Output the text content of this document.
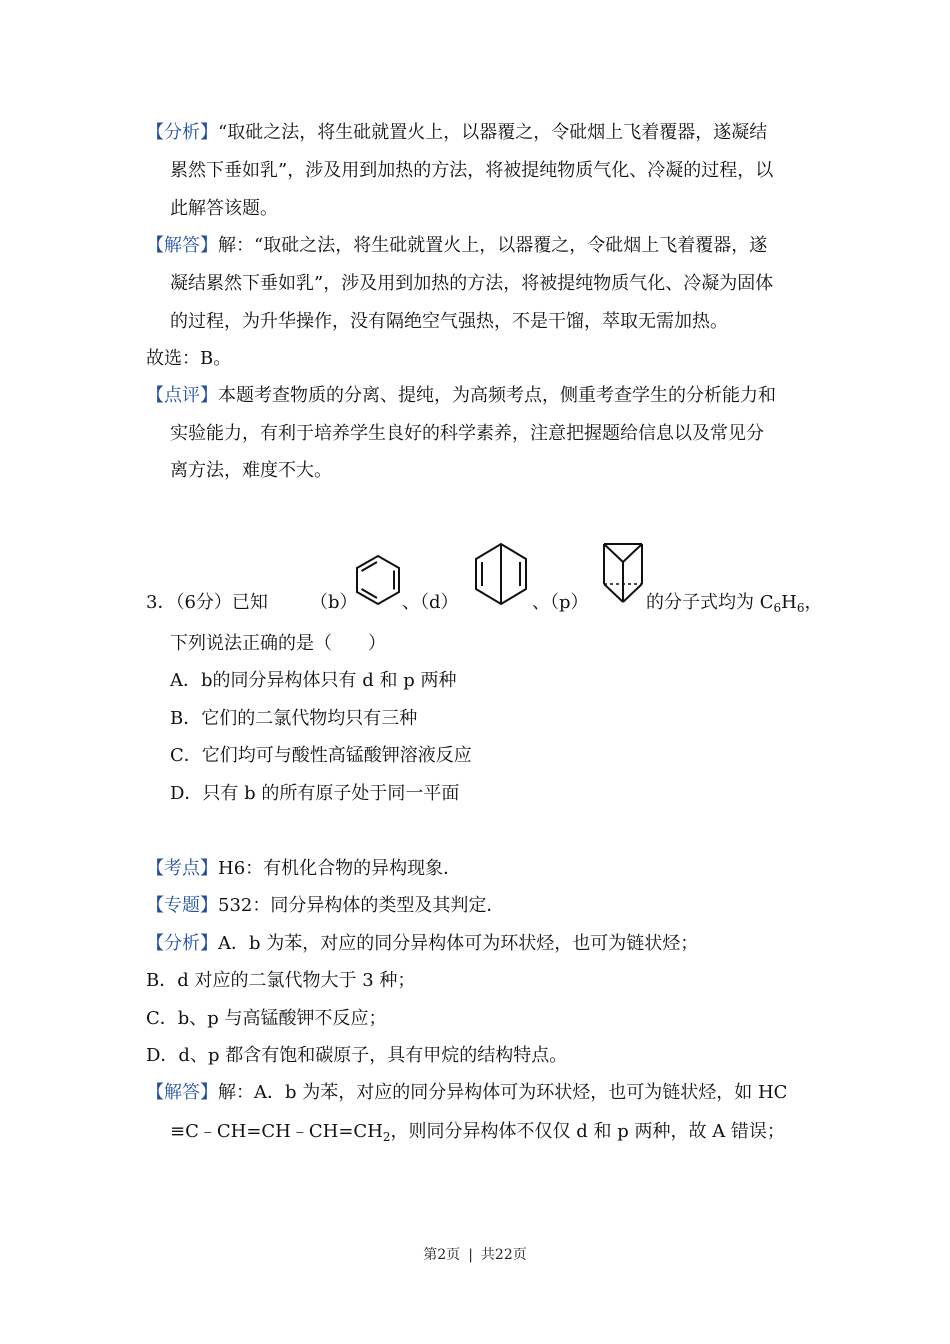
【分析】“取砒之法，将生砒就置火上，以器覆之，令砒烟上飞着覆器，遂凝结
累然下垂如乳”，涉及用到加热的方法，将被提纯物质气化、冷凝的过程，以
此解答该题。
【解答】解：“取砒之法，将生砒就置火上，以器覆之，令砒烟上飞着覆器，遂
凝结累然下垂如乳”，涉及用到加热的方法，将被提纯物质气化、冷凝为固体
的过程，为升华操作，没有隔绝空气强热，不是干馏，萃取无需加热。
故选：B。
【点评】本题考查物质的分离、提纯，为高频考点，侧重考查学生的分析能力和
实验能力，有利于培养学生良好的科学素养，注意把握题给信息以及常见分
离方法，难度不大。
3．（6分）已知 （b） 、（d）	、（p）	的分子式均为 $C_6H_6$，
下列说法正确的是（　　）
A．b的同分异构体只有 d 和 p 两种
B．它们的二氯代物均只有三种
C．它们均可与酸性高锰酸钾溶液反应
D．只有 b 的所有原子处于同一平面
【考点】H6：有机化合物的异构现象．
【专题】532：同分异构体的类型及其判定．
【分析】A．b 为苯，对应的同分异构体可为环状烃，也可为链状烃；
B．d 对应的二氯代物大于 3 种；
C．b、p 与高锰酸钾不反应；
D．d、p 都含有饱和碳原子，具有甲烷的结构特点。
【解答】解：A．b 为苯，对应的同分异构体可为环状烃，也可为链状烃，如 HC
$\equiv C﹣CH=CH﹣CH=CH_2$，则同分异构体不仅仅 d 和 p 两种，故 A 错误；
第2页 | 共22页
